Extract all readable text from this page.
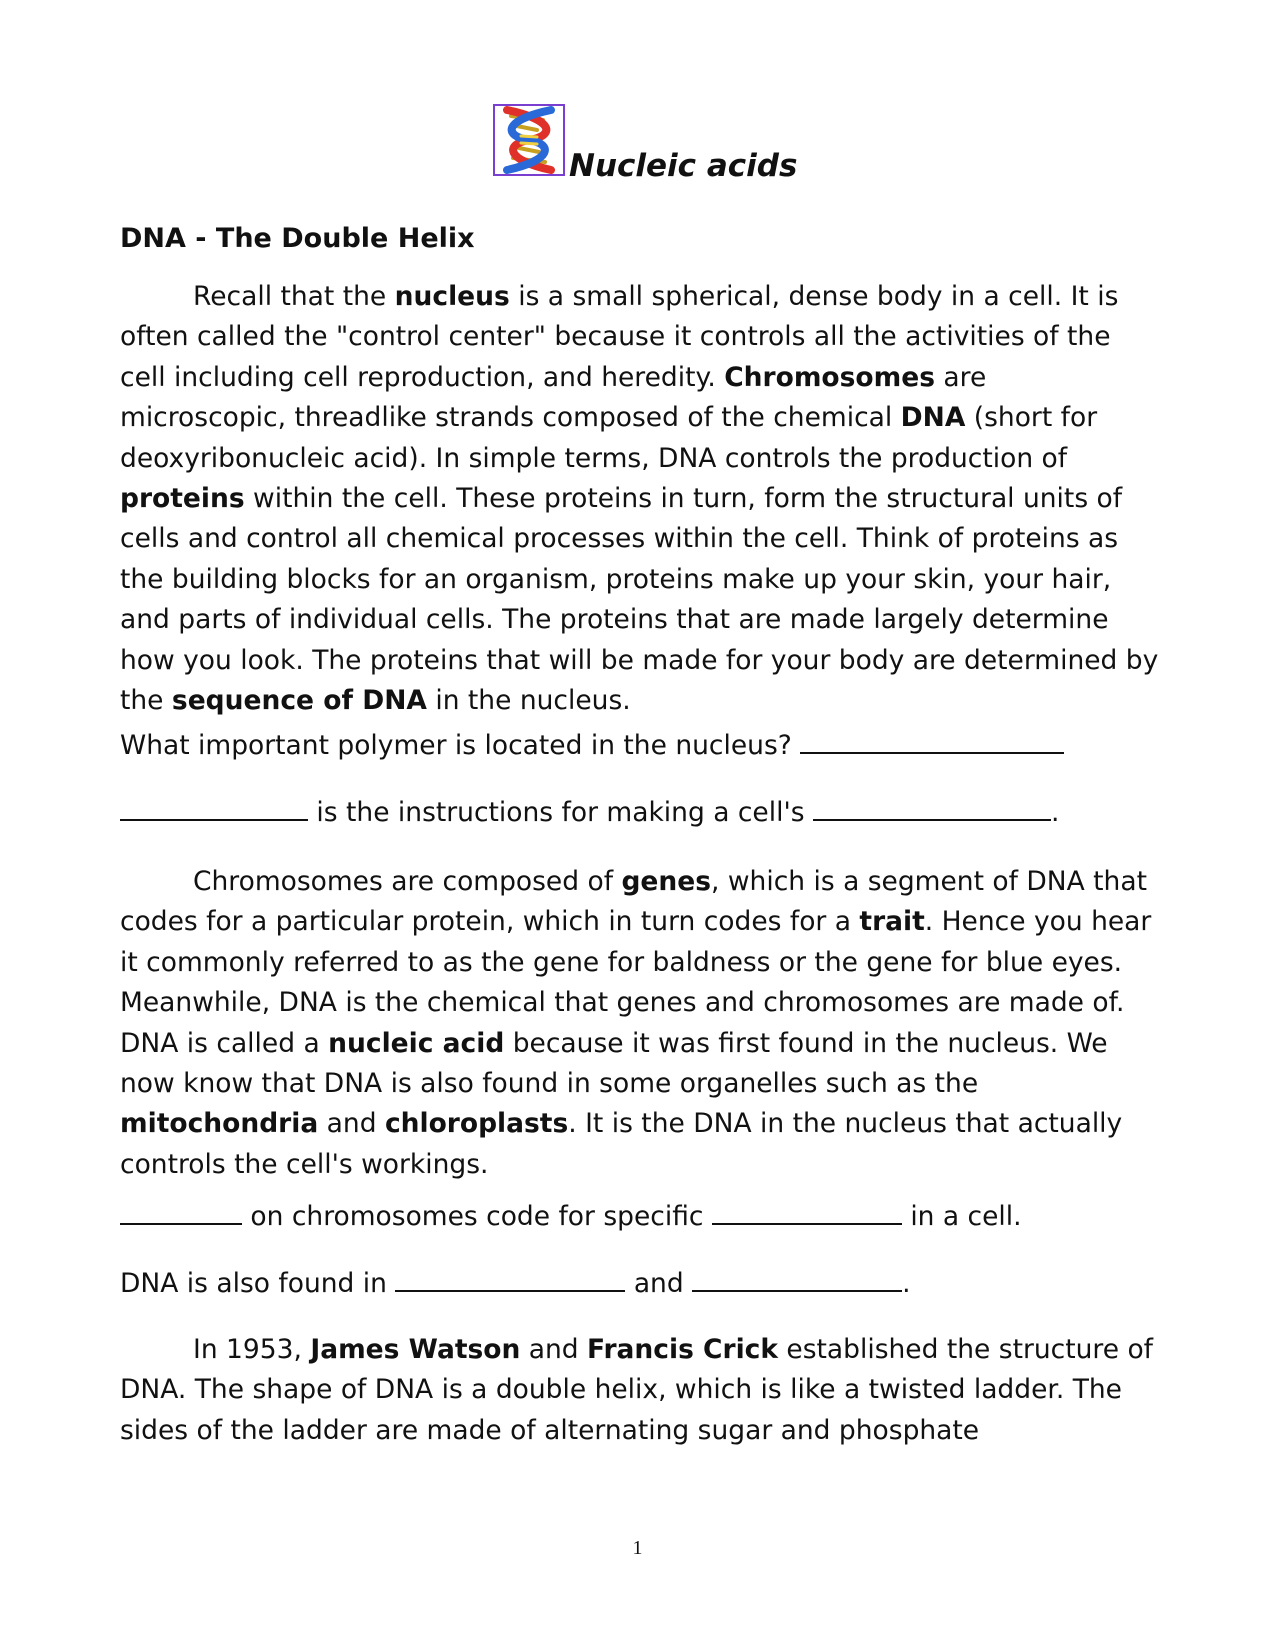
Nucleic acids
DNA - The Double Helix

Recall that the nucleus is a small spherical, dense body in a cell. It is often called the "control center" because it controls all the activities of the cell including cell reproduction, and heredity. Chromosomes are microscopic, threadlike strands composed of the chemical DNA (short for deoxyribonucleic acid). In simple terms, DNA controls the production of proteins within the cell. These proteins in turn, form the structural units of cells and control all chemical processes within the cell. Think of proteins as the building blocks for an organism, proteins make up your skin, your hair, and parts of individual cells. The proteins that are made largely determine how you look. The proteins that will be made for your body are determined by the sequence of DNA in the nucleus.

What important polymer is located in the nucleus?
is the instructions for making a cell's	.

Chromosomes are composed of genes, which is a segment of DNA that codes for a particular protein, which in turn codes for a trait. Hence you hear it commonly referred to as the gene for baldness or the gene for blue eyes. Meanwhile, DNA is the chemical that genes and chromosomes are made of. DNA is called a nucleic acid because it was first found in the nucleus. We now know that DNA is also found in some organelles such as the mitochondria and chloroplasts. It is the DNA in the nucleus that actually controls the cell's workings.

on chromosomes code for specific	in a cell.
DNA is also found in	and	.

In 1953, James Watson and Francis Crick established the structure of DNA. The shape of DNA is a double helix, which is like a twisted ladder. The sides of the ladder are made of alternating sugar and phosphate

1
